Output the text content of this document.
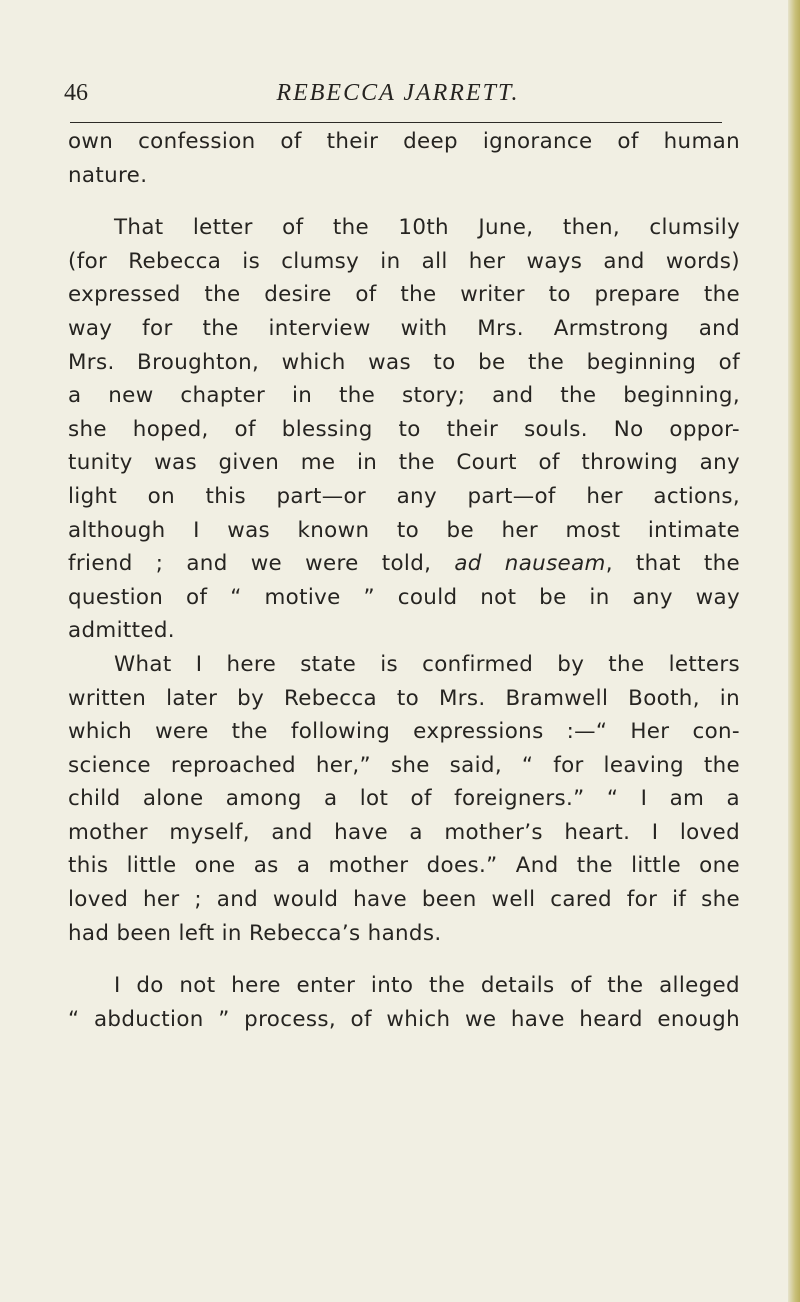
46	REBECCA JARRETT.

own confession of their deep ignorance of human
nature.

That letter of the 10th June, then, clumsily
(for Rebecca is clumsy in all her ways and words)
expressed the desire of the writer to prepare the
way for the interview with Mrs. Armstrong and
Mrs. Broughton, which was to be the beginning of
a new chapter in the story; and the beginning,
she hoped, of blessing to their souls. No oppor-
tunity was given me in the Court of throwing any
light on this part—or any part—of her actions,
although I was known to be her most intimate
friend ; and we were told, ad nauseam, that the
question of “ motive ” could not be in any way
admitted.

What I here state is confirmed by the letters
written later by Rebecca to Mrs. Bramwell Booth, in
which were the following expressions :—“ Her con-
science reproached her,” she said, “ for leaving the
child alone among a lot of foreigners.” “ I am a
mother myself, and have a mother’s heart. I loved
this little one as a mother does.” And the little one
loved her ; and would have been well cared for if she
had been left in Rebecca’s hands.

I do not here enter into the details of the alleged
“ abduction ” process, of which we have heard enough
